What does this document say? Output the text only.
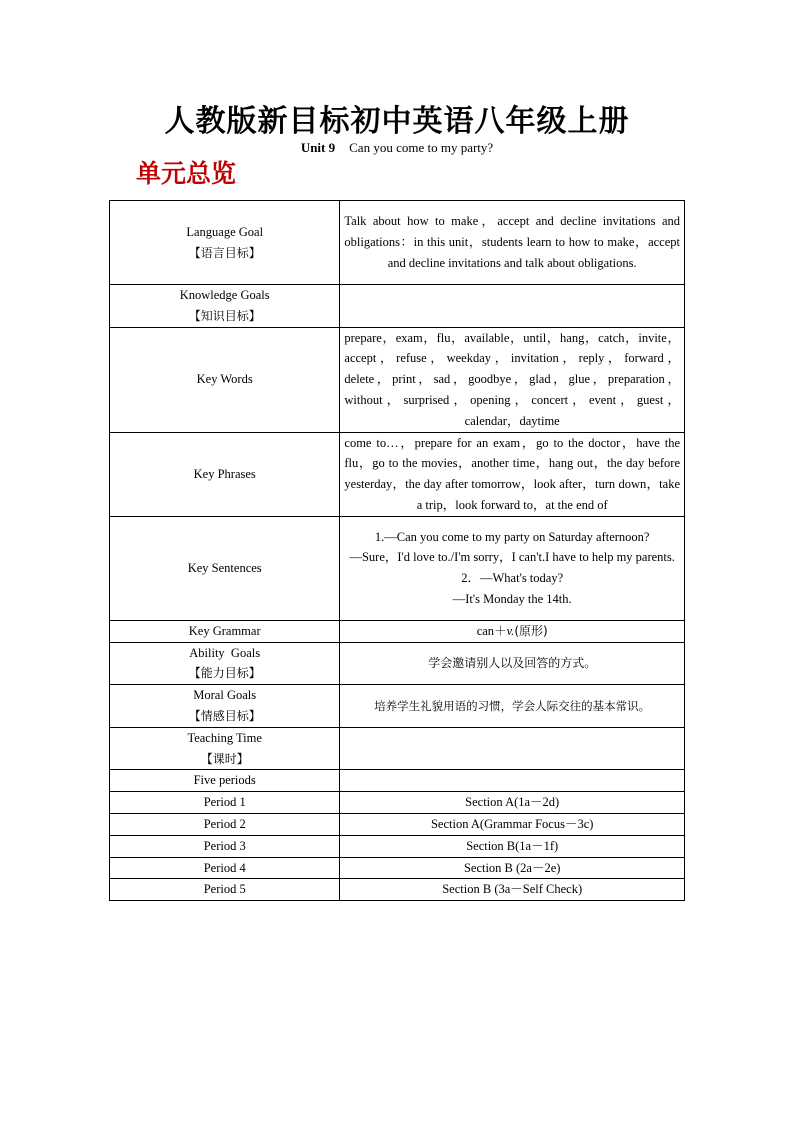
人教版新目标初中英语八年级上册
Unit 9 Can you come to my party?
单元总览
Language Goal
【语言目标】	Talk about how to make，accept and decline invitations and obligations：in this unit，students learn to how to make，accept and decline invitations and talk about obligations.

Knowledge Goals
【知识目标】	

Key Words	prepare，exam，flu，available，until，hang，catch，invite，accept，refuse，weekday，invitation，reply，forward，delete，print，sad，goodbye，glad，glue，preparation，without，surprised，opening，concert，event，guest，calendar，daytime
Key Phrases	come to…，prepare for an exam，go to the doctor，have the flu，go to the movies，another time，hang out，the day before yesterday，the day after tomorrow，look after，turn down，take a trip，look forward to，at the end of
Key Sentences	1.—Can you come to my party on Saturday afternoon?
—Sure，I'd love to./I'm sorry，I can't.I have to help my parents.
2．—What's today?
—It's Monday the 14th.

Key Grammar	can＋v.(原形)

Ability  Goals
【能力目标】	学会邀请别人以及回答的方式。

Moral Goals
【情感目标】	培养学生礼貌用语的习惯，学会人际交往的基本常识。

Teaching Time
【课时】	

Five periods	
Period 1	Section A(1a－2d)
Period 2	Section A(Grammar Focus－3c)
Period 3	Section B(1a－1f)
Period 4	Section B (2a－2e)
Period 5	Section B (3a－Self Check)
